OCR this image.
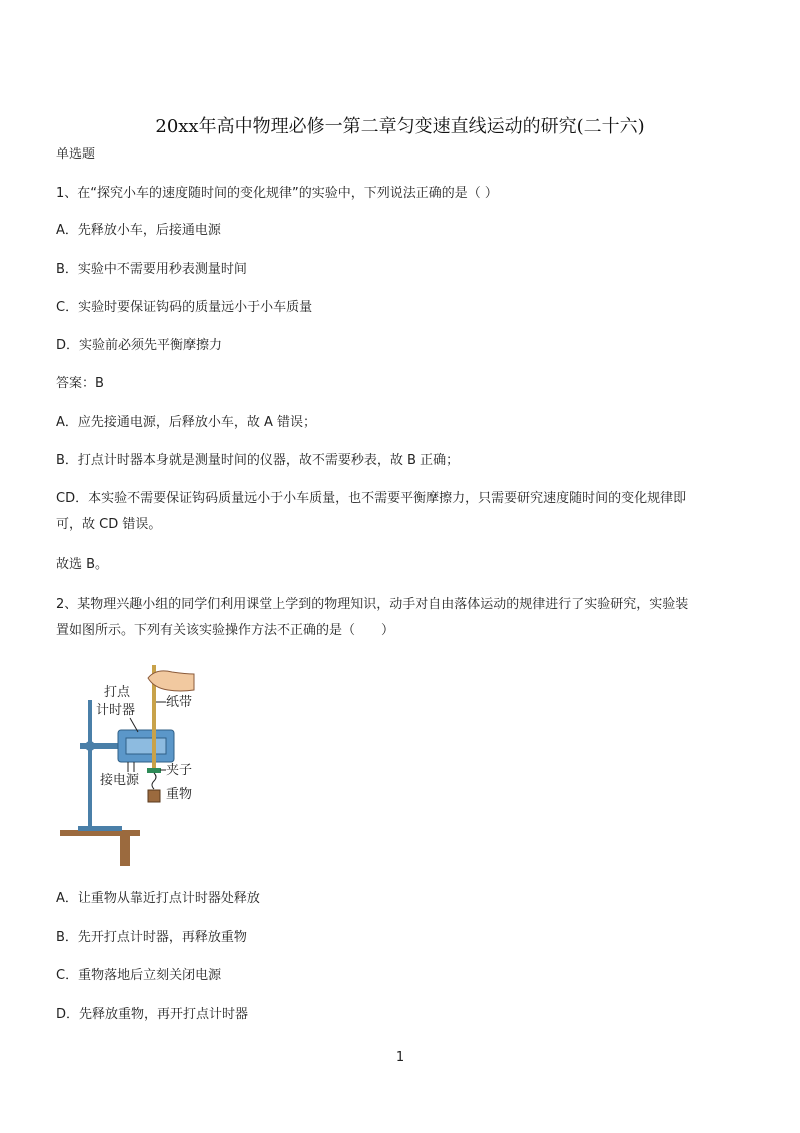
20xx年高中物理必修一第二章匀变速直线运动的研究(二十六)
单选题
1、在“探究小车的速度随时间的变化规律”的实验中，下列说法正确的是（ ）
A．先释放小车，后接通电源
B．实验中不需要用秒表测量时间
C．实验时要保证钩码的质量远小于小车质量
D．实验前必须先平衡摩擦力
答案：B
A．应先接通电源，后释放小车，故 A 错误；
B．打点计时器本身就是测量时间的仪器，故不需要秒表，故 B 正确；
CD．本实验不需要保证钩码质量远小于小车质量，也不需要平衡摩擦力，只需要研究速度随时间的变化规律即
可，故 CD 错误。
故选 B。
2、某物理兴趣小组的同学们利用课堂上学到的物理知识，动手对自由落体运动的规律进行了实验研究，实验装
置如图所示。下列有关该实验操作方法不正确的是（　　）
打点
计时器
纸带
接电源
夹子
重物
A．让重物从靠近打点计时器处释放
B．先开打点计时器，再释放重物
C．重物落地后立刻关闭电源
D．先释放重物，再开打点计时器
1
